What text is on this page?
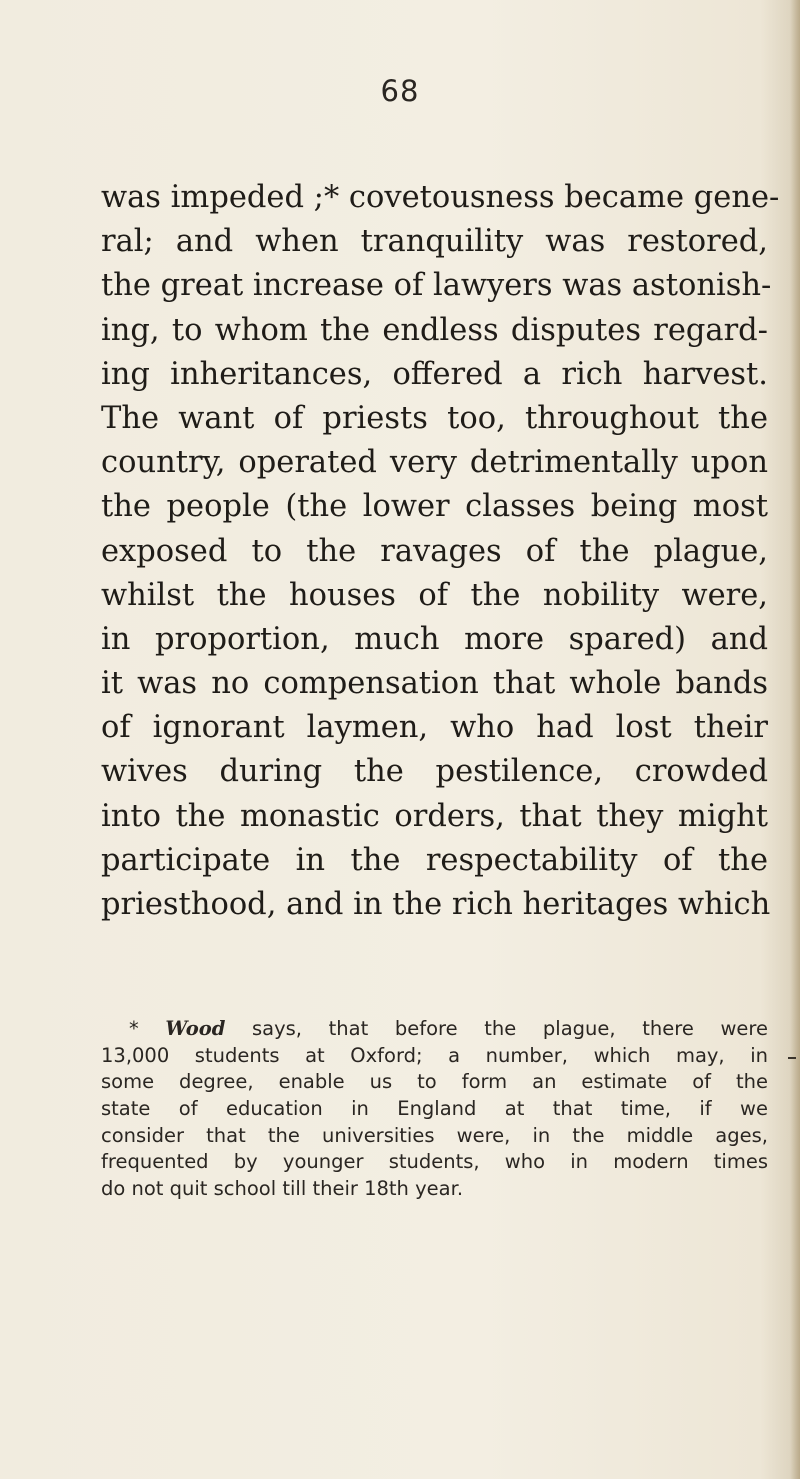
68
was impeded ;* covetousness became gene-
ral; and when tranquility was restored,
the great increase of lawyers was astonish-
ing, to whom the endless disputes regard-
ing inheritances, offered a rich harvest.
The want of priests too, throughout the
country, operated very detrimentally upon
the people (the lower classes being most
exposed to the ravages of the plague,
whilst the houses of the nobility were,
in proportion, much more spared) and
it was no compensation that whole bands
of ignorant laymen, who had lost their
wives during the pestilence, crowded
into the monastic orders, that they might
participate in the respectability of the
priesthood, and in the rich heritages which
* Wood says, that before the plague, there were
13,000 students at Oxford; a number, which may, in
some degree, enable us to form an estimate of the
state of education in England at that time, if we
consider that the universities were, in the middle ages,
frequented by younger students, who in modern times
do not quit school till their 18th year.
